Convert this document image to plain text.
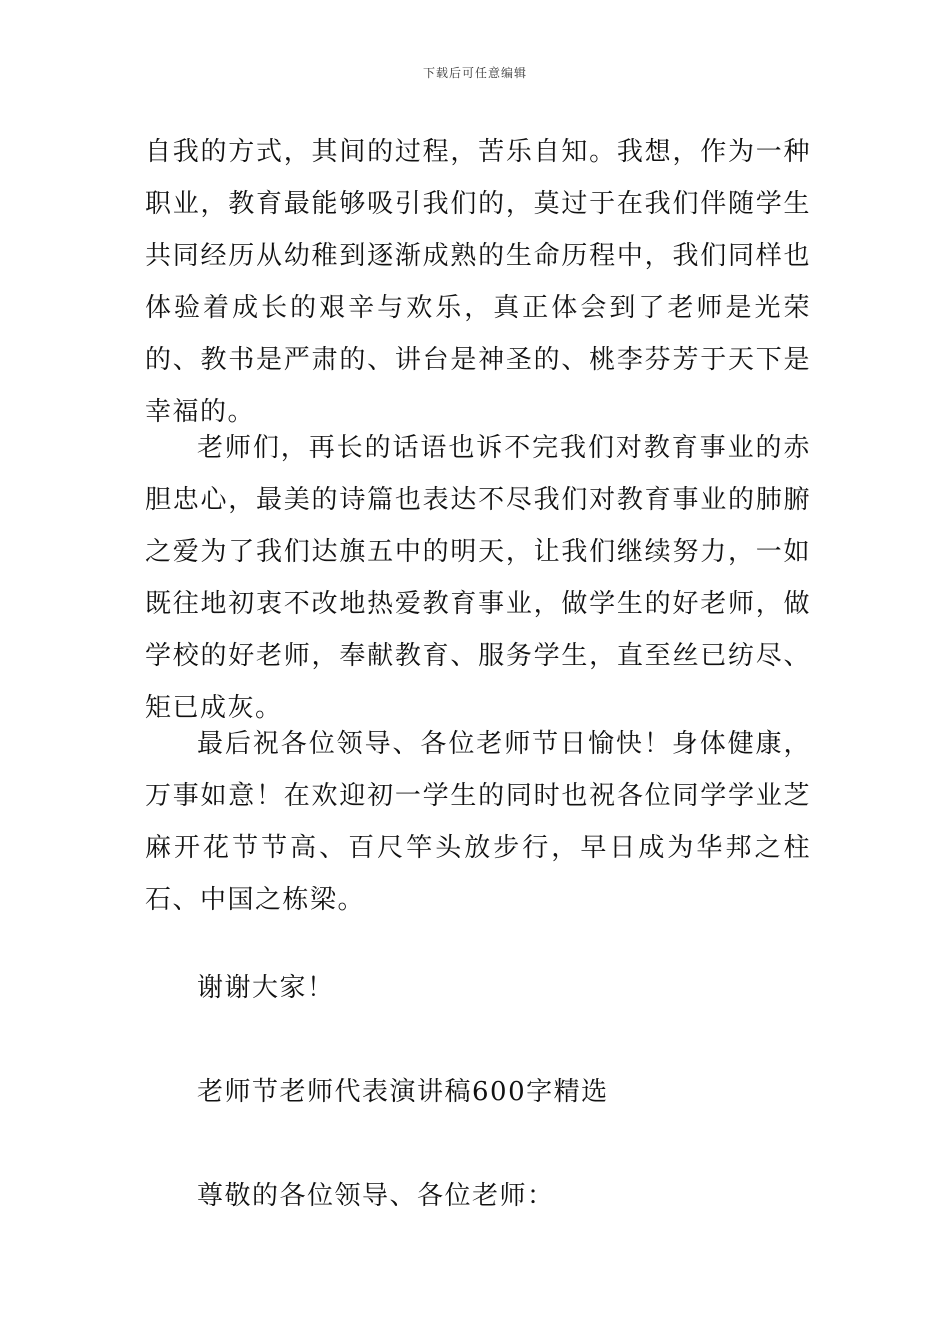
下载后可任意编辑

自我的方式，其间的过程，苦乐自知。我想，作为一种职业，教育最能够吸引我们的，莫过于在我们伴随学生共同经历从幼稚到逐渐成熟的生命历程中，我们同样也体验着成长的艰辛与欢乐，真正体会到了老师是光荣的、教书是严肃的、讲台是神圣的、桃李芬芳于天下是幸福的。

老师们，再长的话语也诉不完我们对教育事业的赤胆忠心，最美的诗篇也表达不尽我们对教育事业的肺腑之爱为了我们达旗五中的明天，让我们继续努力，一如既往地初衷不改地热爱教育事业，做学生的好老师，做学校的好老师，奉献教育、服务学生，直至丝已纺尽、矩已成灰。

最后祝各位领导、各位老师节日愉快！身体健康，万事如意！在欢迎初一学生的同时也祝各位同学学业芝麻开花节节高、百尺竿头放步行，早日成为华邦之柱石、中国之栋梁。

谢谢大家！

老师节老师代表演讲稿600字精选

尊敬的各位领导、各位老师：
